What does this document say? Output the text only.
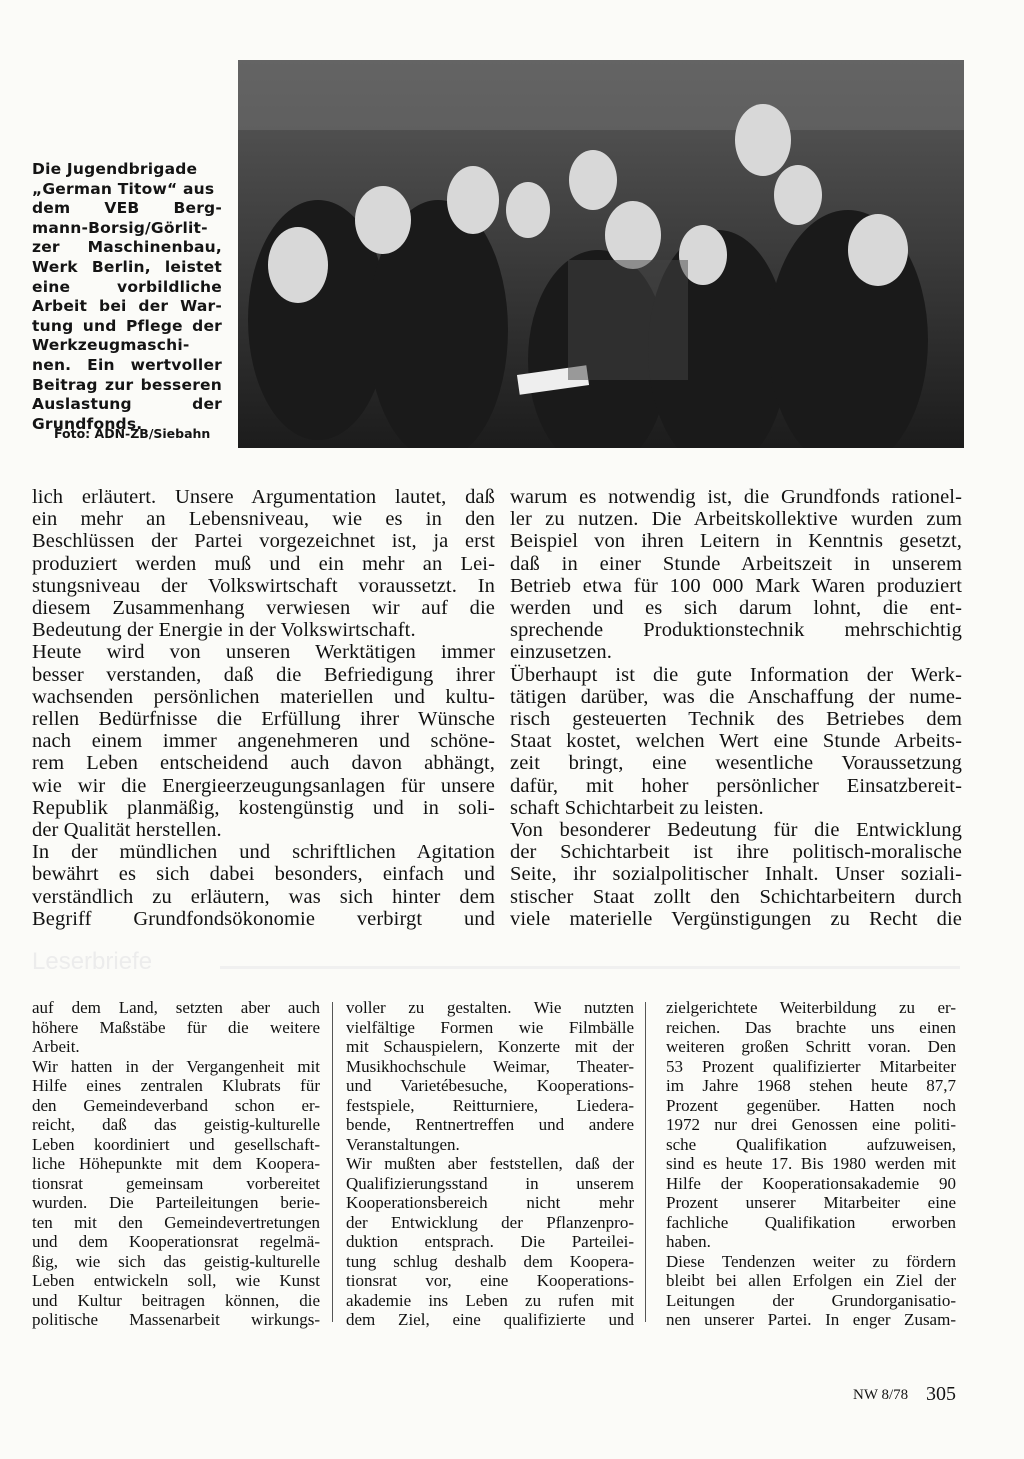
Die Jugendbrigade
„German Titow“ aus
dem VEB Berg-
mann-Borsig/Görlit-
zer Maschinenbau,
Werk Berlin, leistet
eine vorbildliche
Arbeit bei der War-
tung und Pflege der
Werkzeugmaschi-
nen. Ein wertvoller
Beitrag zur besseren
Auslastung der
Grundfonds.
Foto: ADN-ZB/Siebahn
lich erläutert. Unsere Argumentation lautet, daß
ein mehr an Lebensniveau, wie es in den
Beschlüssen der Partei vorgezeichnet ist, ja erst
produziert werden muß und ein mehr an Lei-
stungsniveau der Volkswirtschaft voraussetzt. In
diesem Zusammenhang verwiesen wir auf die
Bedeutung der Energie in der Volkswirtschaft.
Heute wird von unseren Werktätigen immer
besser verstanden, daß die Befriedigung ihrer
wachsenden persönlichen materiellen und kultu-
rellen Bedürfnisse die Erfüllung ihrer Wünsche
nach einem immer angenehmeren und schöne-
rem Leben entscheidend auch davon abhängt,
wie wir die Energieerzeugungsanlagen für unsere
Republik planmäßig, kostengünstig und in soli-
der Qualität herstellen.
In der mündlichen und schriftlichen Agitation
bewährt es sich dabei besonders, einfach und
verständlich zu erläutern, was sich hinter dem
Begriff Grundfondsökonomie verbirgt und
warum es notwendig ist, die Grundfonds rationel-
ler zu nutzen. Die Arbeitskollektive wurden zum
Beispiel von ihren Leitern in Kenntnis gesetzt,
daß in einer Stunde Arbeitszeit in unserem
Betrieb etwa für 100 000 Mark Waren produziert
werden und es sich darum lohnt, die ent-
sprechende Produktionstechnik mehrschichtig
einzusetzen.
Überhaupt ist die gute Information der Werk-
tätigen darüber, was die Anschaffung der nume-
risch gesteuerten Technik des Betriebes dem
Staat kostet, welchen Wert eine Stunde Arbeits-
zeit bringt, eine wesentliche Voraussetzung
dafür, mit hoher persönlicher Einsatzbereit-
schaft Schichtarbeit zu leisten.
Von besonderer Bedeutung für die Entwicklung
der Schichtarbeit ist ihre politisch-moralische
Seite, ihr sozialpolitischer Inhalt. Unser soziali-
stischer Staat zollt den Schichtarbeitern durch
viele materielle Vergünstigungen zu Recht die
Leserbriefe
auf dem Land, setzten aber auch
höhere Maßstäbe für die weitere
Arbeit.
Wir hatten in der Vergangenheit mit
Hilfe eines zentralen Klubrats für
den Gemeindeverband schon er-
reicht, daß das geistig-kulturelle
Leben koordiniert und gesellschaft-
liche Höhepunkte mit dem Koopera-
tionsrat gemeinsam vorbereitet
wurden. Die Parteileitungen berie-
ten mit den Gemeindevertretungen
und dem Kooperationsrat regelmä-
ßig, wie sich das geistig-kulturelle
Leben entwickeln soll, wie Kunst
und Kultur beitragen können, die
politische Massenarbeit wirkungs-
voller zu gestalten. Wie nutzten
vielfältige Formen wie Filmbälle
mit Schauspielern, Konzerte mit der
Musikhochschule Weimar, Theater-
und Varietébesuche, Kooperations-
festspiele, Reitturniere, Liederа-
bende, Rentnertreffen und andere
Veranstaltungen.
Wir mußten aber feststellen, daß der
Qualifizierungsstand in unserem
Kooperationsbereich nicht mehr
der Entwicklung der Pflanzenpro-
duktion entsprach. Die Parteilei-
tung schlug deshalb dem Koopera-
tionsrat vor, eine Kooperations-
akademie ins Leben zu rufen mit
dem Ziel, eine qualifizierte und
zielgerichtete Weiterbildung zu er-
reichen. Das brachte uns einen
weiteren großen Schritt voran. Den
53 Prozent qualifizierter Mitarbeiter
im Jahre 1968 stehen heute 87,7
Prozent gegenüber. Hatten noch
1972 nur drei Genossen eine politi-
sche Qualifikation aufzuweisen,
sind es heute 17. Bis 1980 werden mit
Hilfe der Kooperationsakademie 90
Prozent unserer Mitarbeiter eine
fachliche Qualifikation erworben
haben.
Diese Tendenzen weiter zu fördern
bleibt bei allen Erfolgen ein Ziel der
Leitungen der Grundorganisatio-
nen unserer Partei. In enger Zusam-
NW 8/78 305
